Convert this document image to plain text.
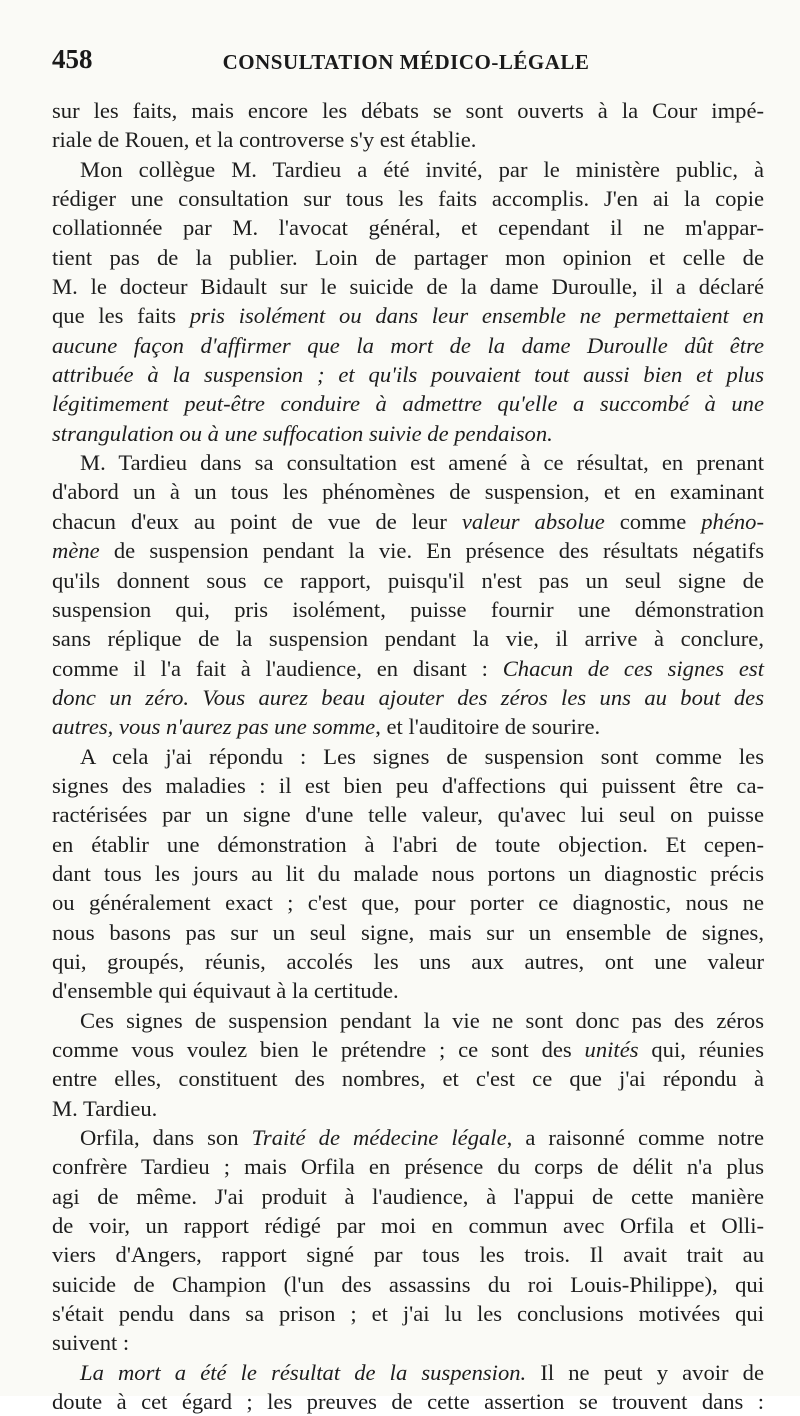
458	CONSULTATION MÉDICO-LÉGALE
sur les faits, mais encore les débats se sont ouverts à la Cour impé-
riale de Rouen, et la controverse s'y est établie.
Mon collègue M. Tardieu a été invité, par le ministère public, à
rédiger une consultation sur tous les faits accomplis. J'en ai la copie
collationnée par M. l'avocat général, et cependant il ne m'appar-
tient pas de la publier. Loin de partager mon opinion et celle de
M. le docteur Bidault sur le suicide de la dame Duroulle, il a déclaré
que les faits pris isolément ou dans leur ensemble ne permettaient en
aucune façon d'affirmer que la mort de la dame Duroulle dût être
attribuée à la suspension ; et qu'ils pouvaient tout aussi bien et plus
légitimement peut-être conduire à admettre qu'elle a succombé à une
strangulation ou à une suffocation suivie de pendaison.
M. Tardieu dans sa consultation est amené à ce résultat, en prenant
d'abord un à un tous les phénomènes de suspension, et en examinant
chacun d'eux au point de vue de leur valeur absolue comme phéno-
mène de suspension pendant la vie. En présence des résultats négatifs
qu'ils donnent sous ce rapport, puisqu'il n'est pas un seul signe de
suspension qui, pris isolément, puisse fournir une démonstration
sans réplique de la suspension pendant la vie, il arrive à conclure,
comme il l'a fait à l'audience, en disant : Chacun de ces signes est
donc un zéro. Vous aurez beau ajouter des zéros les uns au bout des
autres, vous n'aurez pas une somme, et l'auditoire de sourire.
A cela j'ai répondu : Les signes de suspension sont comme les
signes des maladies : il est bien peu d'affections qui puissent être ca-
ractérisées par un signe d'une telle valeur, qu'avec lui seul on puisse
en établir une démonstration à l'abri de toute objection. Et cepen-
dant tous les jours au lit du malade nous portons un diagnostic précis
ou généralement exact ; c'est que, pour porter ce diagnostic, nous ne
nous basons pas sur un seul signe, mais sur un ensemble de signes,
qui, groupés, réunis, accolés les uns aux autres, ont une valeur
d'ensemble qui équivaut à la certitude.
Ces signes de suspension pendant la vie ne sont donc pas des zéros
comme vous voulez bien le prétendre ; ce sont des unités qui, réunies
entre elles, constituent des nombres, et c'est ce que j'ai répondu à
M. Tardieu.
Orfila, dans son Traité de médecine légale, a raisonné comme notre
confrère Tardieu ; mais Orfila en présence du corps de délit n'a plus
agi de même. J'ai produit à l'audience, à l'appui de cette manière
de voir, un rapport rédigé par moi en commun avec Orfila et Olli-
viers d'Angers, rapport signé par tous les trois. Il avait trait au
suicide de Champion (l'un des assassins du roi Louis-Philippe), qui
s'était pendu dans sa prison ; et j'ai lu les conclusions motivées qui
suivent :
La mort a été le résultat de la suspension. Il ne peut y avoir de
doute à cet égard ; les preuves de cette assertion se trouvent dans :
